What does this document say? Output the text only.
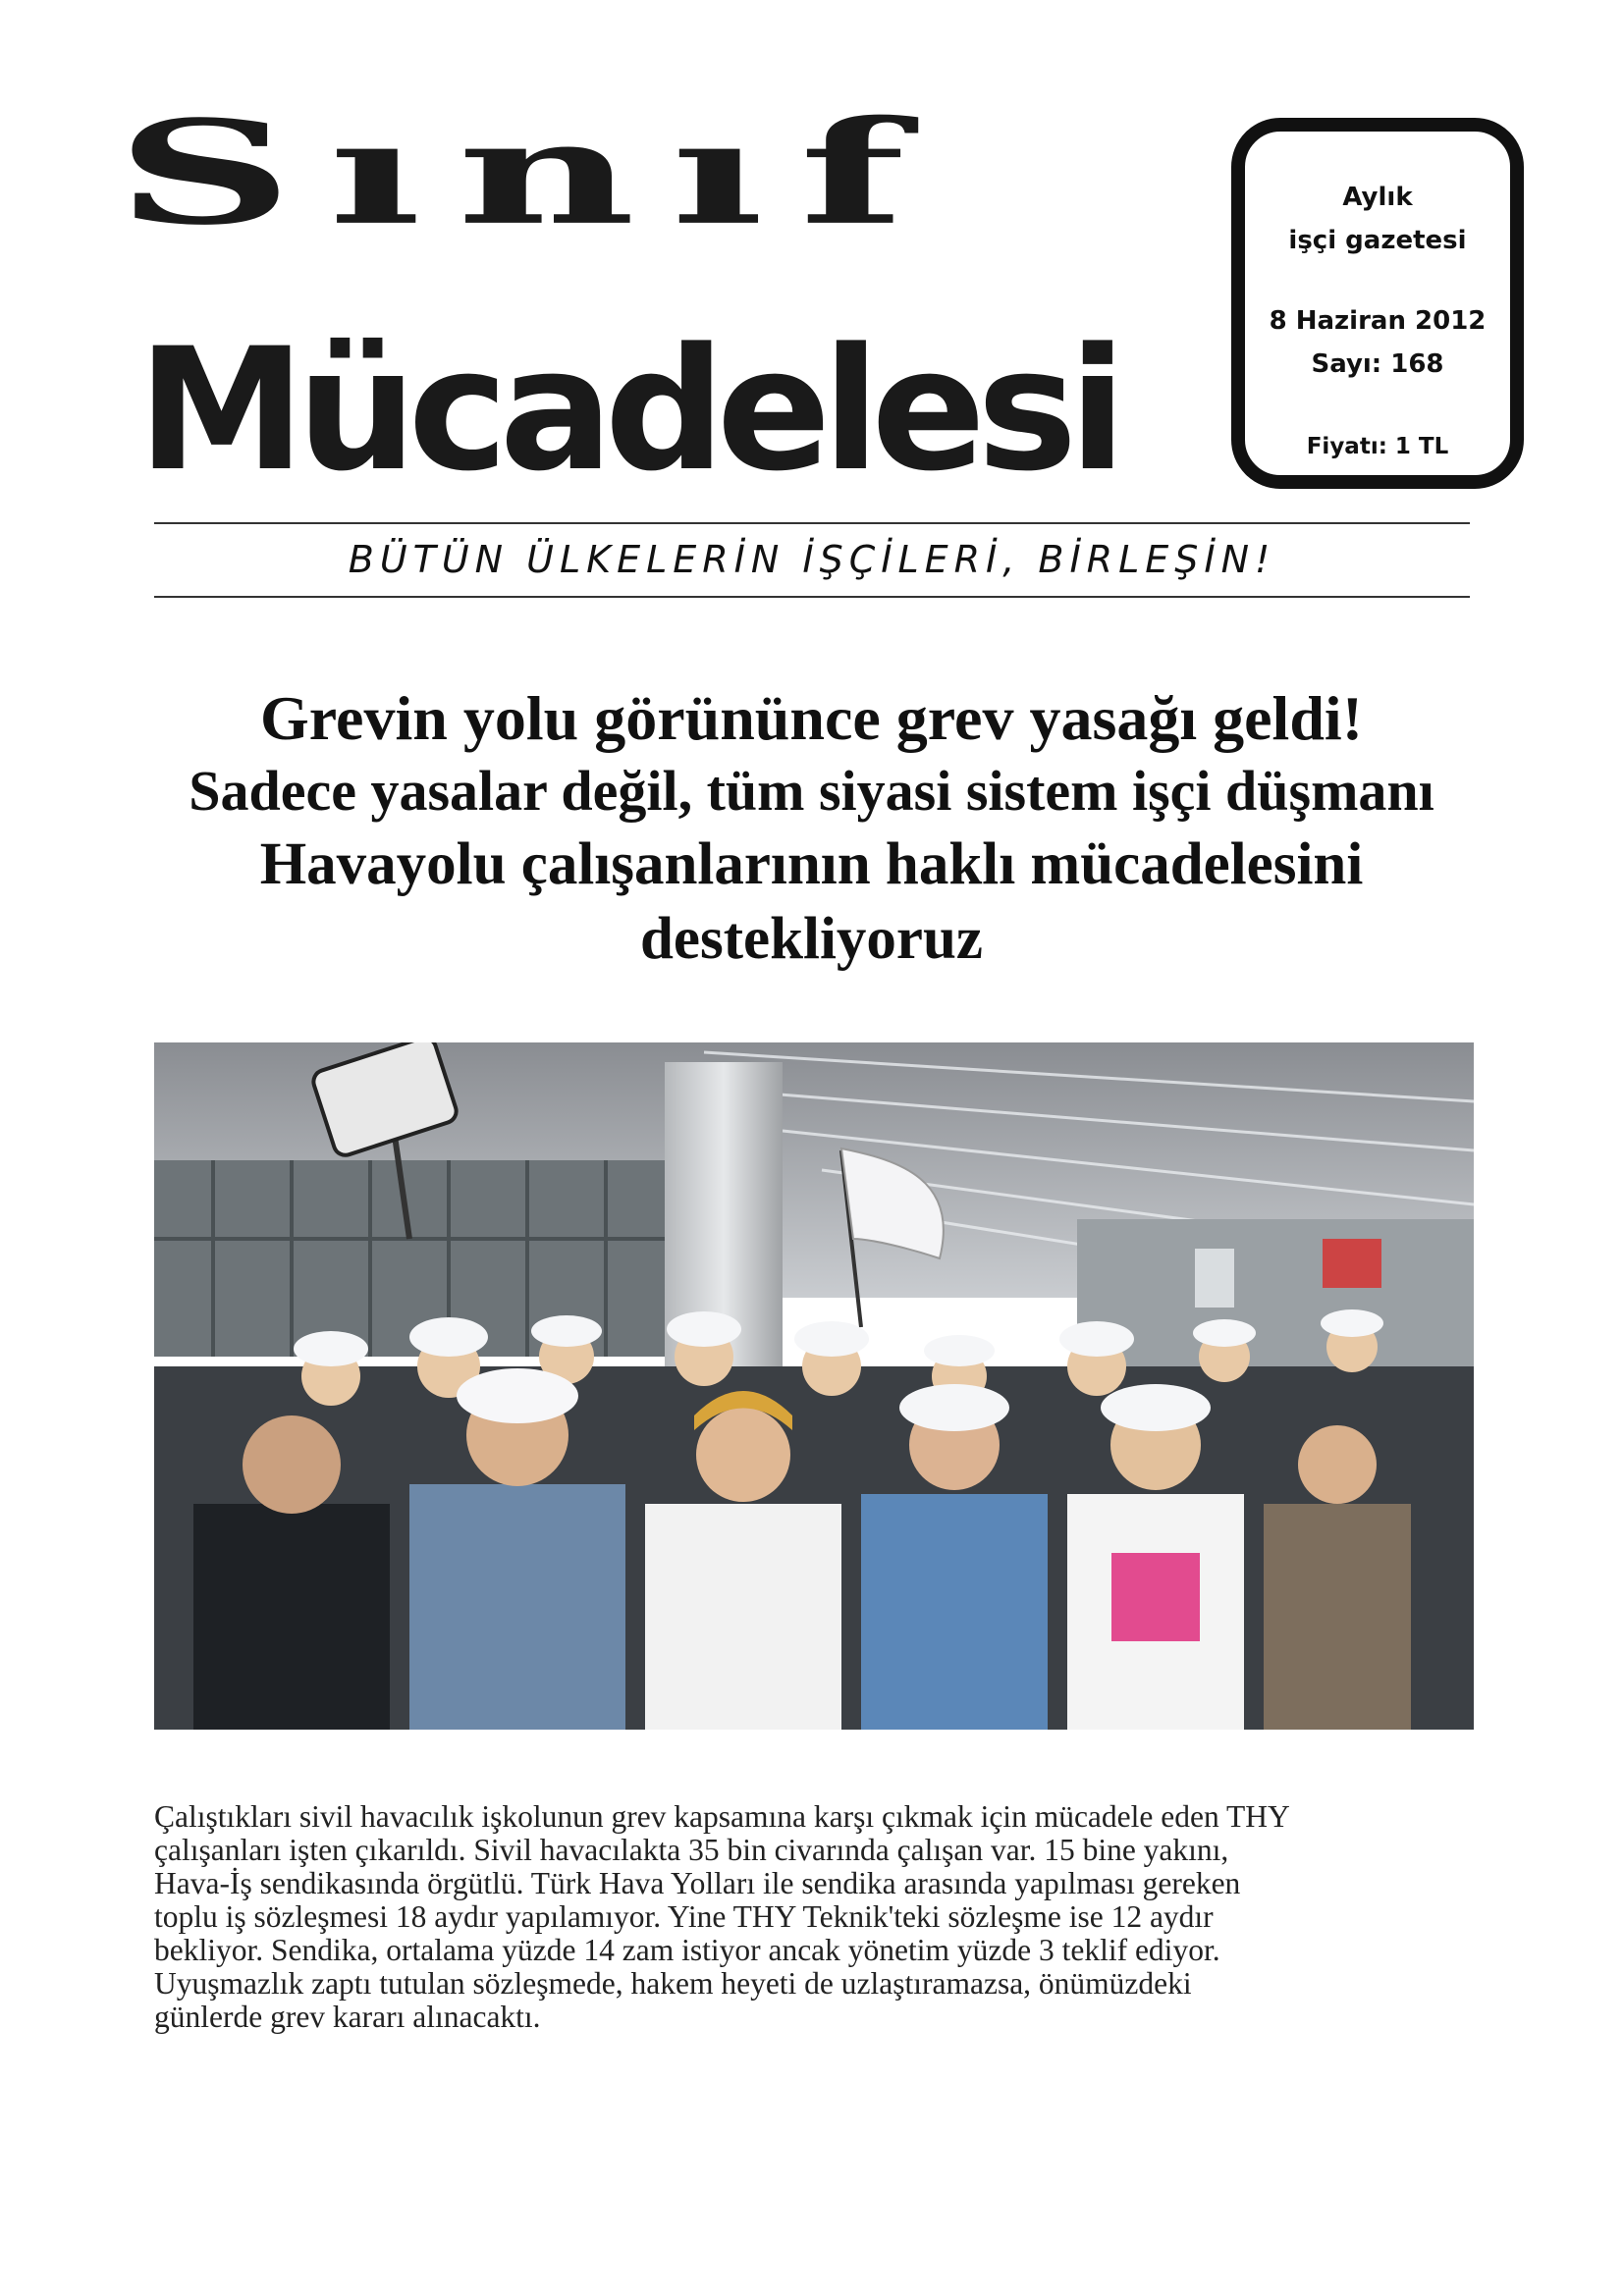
Sınıf
Mücadelesi
Aylık
işçi gazetesi
8 Haziran 2012
Sayı: 168
Fiyatı: 1 TL
BÜTÜN ÜLKELERİN İŞÇİLERİ, BİRLEŞİN!
Grevin yolu görününce grev yasağı geldi!
Sadece yasalar değil, tüm siyasi sistem işçi düşmanı
Havayolu çalışanlarının haklı mücadelesini
destekliyoruz
Çalıştıkları sivil havacılık işkolunun grev kapsamına karşı çıkmak için mücadele eden THY
çalışanları işten çıkarıldı. Sivil havacılakta 35 bin civarında çalışan var. 15 bine yakını,
Hava-İş sendikasında örgütlü. Türk Hava Yolları ile sendika arasında yapılması gereken
toplu iş sözleşmesi 18 aydır yapılamıyor. Yine THY Teknik'teki sözleşme ise 12 aydır
bekliyor. Sendika, ortalama yüzde 14 zam istiyor ancak yönetim yüzde 3 teklif ediyor.
Uyuşmazlık zaptı tutulan sözleşmede, hakem heyeti de uzlaştıramazsa, önümüzdeki
günlerde grev kararı alınacaktı.
